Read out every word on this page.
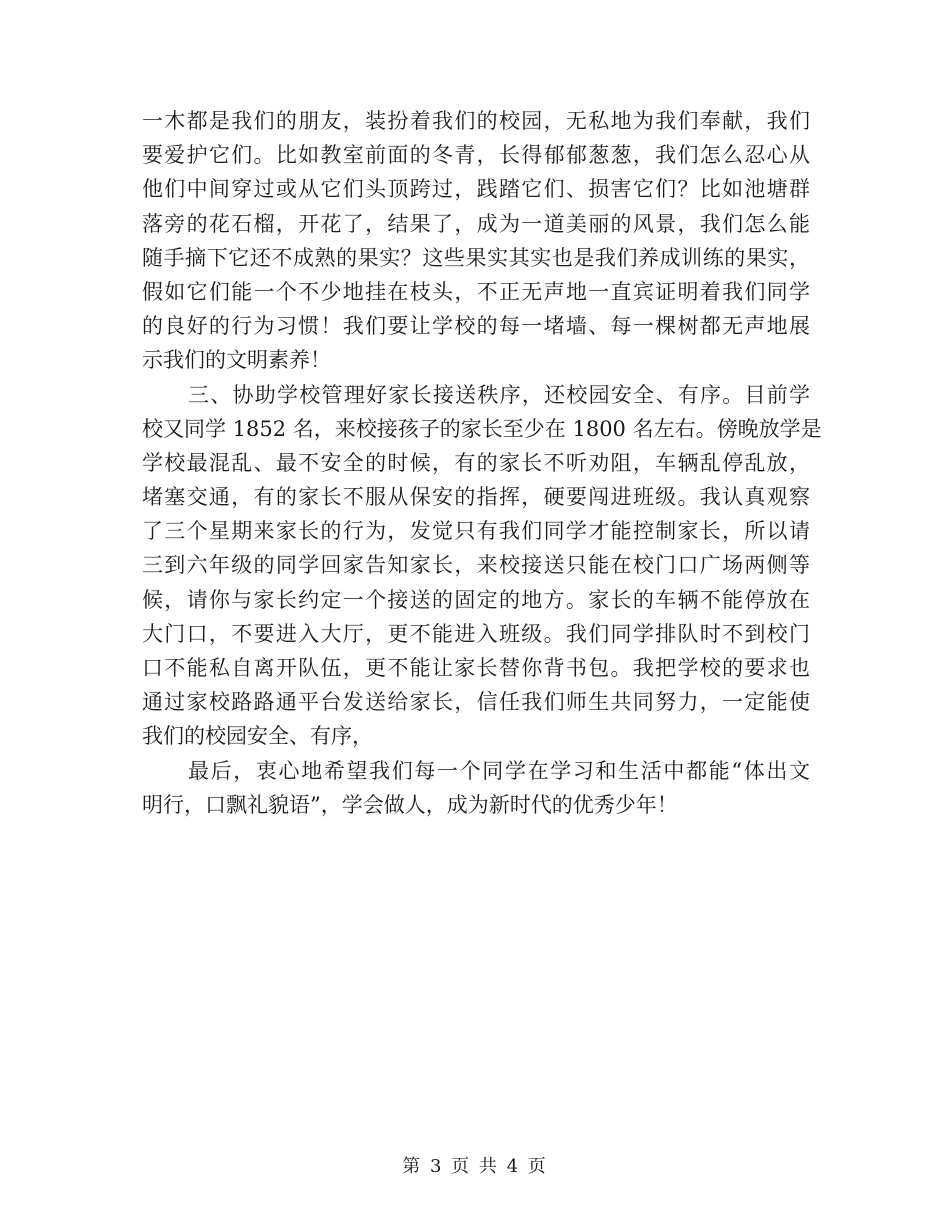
一木都是我们的朋友，装扮着我们的校园，无私地为我们奉献，我们
要爱护它们。比如教室前面的冬青，长得郁郁葱葱，我们怎么忍心从
他们中间穿过或从它们头顶跨过，践踏它们、损害它们？比如池塘群
落旁的花石榴，开花了，结果了，成为一道美丽的风景，我们怎么能
随手摘下它还不成熟的果实？这些果实其实也是我们养成训练的果实，
假如它们能一个不少地挂在枝头，不正无声地一直宾证明着我们同学
的良好的行为习惯！我们要让学校的每一堵墙、每一棵树都无声地展
示我们的文明素养！
三、协助学校管理好家长接送秩序，还校园安全、有序。目前学
校又同学 1852 名，来校接孩子的家长至少在 1800 名左右。傍晚放学是
学校最混乱、最不安全的时候，有的家长不听劝阻，车辆乱停乱放，
堵塞交通，有的家长不服从保安的指挥，硬要闯进班级。我认真观察
了三个星期来家长的行为，发觉只有我们同学才能控制家长，所以请
三到六年级的同学回家告知家长，来校接送只能在校门口广场两侧等
候，请你与家长约定一个接送的固定的地方。家长的车辆不能停放在
大门口，不要进入大厅，更不能进入班级。我们同学排队时不到校门
口不能私自离开队伍，更不能让家长替你背书包。我把学校的要求也
通过家校路路通平台发送给家长，信任我们师生共同努力，一定能使
我们的校园安全、有序，
最后，衷心地希望我们每一个同学在学习和生活中都能“体出文
明行，口飘礼貌语”，学会做人，成为新时代的优秀少年！
第 3 页 共 4 页
